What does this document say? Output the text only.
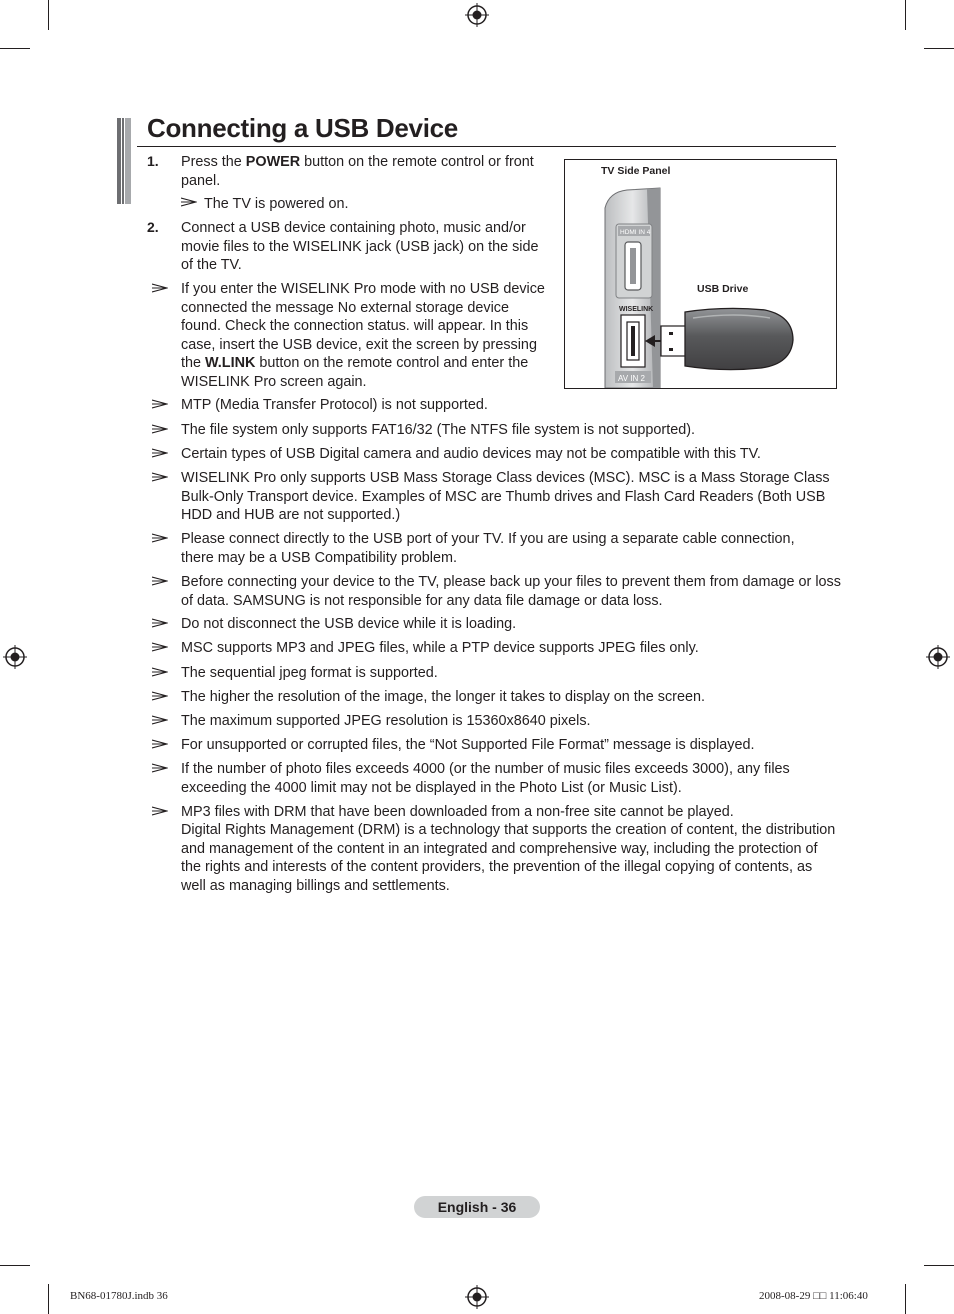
Connecting a USB Device
1. Press the POWER button on the remote control or front panel.
The TV is powered on.
2. Connect a USB device containing photo, music and/or movie files to the WISELINK jack (USB jack) on the side of the TV.
If you enter the WISELINK Pro mode with no USB device connected the message No external storage device found. Check the connection status. will appear. In this case, insert the USB device, exit the screen by pressing the W.LINK button on the remote control and enter the WISELINK Pro screen again.
TV Side Panel
USB Drive
HDMI IN 4
WISELINK
AV IN 2
MTP (Media Transfer Protocol) is not supported.
The file system only supports FAT16/32 (The NTFS file system is not supported).
Certain types of USB Digital camera and audio devices may not be compatible with this TV.
WISELINK Pro only supports USB Mass Storage Class devices (MSC). MSC is a Mass Storage Class Bulk-Only Transport device. Examples of MSC are Thumb drives and Flash Card Readers (Both USB HDD and HUB are not supported.)
Please connect directly to the USB port of your TV. If you are using a separate cable connection, there may be a USB Compatibility problem.
Before connecting your device to the TV, please back up your files to prevent them from damage or loss of data. SAMSUNG is not responsible for any data file damage or data loss.
Do not disconnect the USB device while it is loading.
MSC supports MP3 and JPEG files, while a PTP device supports JPEG files only.
The sequential jpeg format is supported.
The higher the resolution of the image, the longer it takes to display on the screen.
The maximum supported JPEG resolution is 15360x8640 pixels.
For unsupported or corrupted files, the “Not Supported File Format” message is displayed.
If the number of photo files exceeds 4000 (or the number of music files exceeds 3000), any files exceeding the 4000 limit may not be displayed in the Photo List (or Music List).
MP3 files with DRM that have been downloaded from a non-free site cannot be played.
Digital Rights Management (DRM) is a technology that supports the creation of content, the distribution and management of the content in an integrated and comprehensive way, including the protection of the rights and interests of the content providers, the prevention of the illegal copying of contents, as well as managing billings and settlements.
English - 36
BN68-01780J.indb 36	2008-08-29 □□ 11:06:40
